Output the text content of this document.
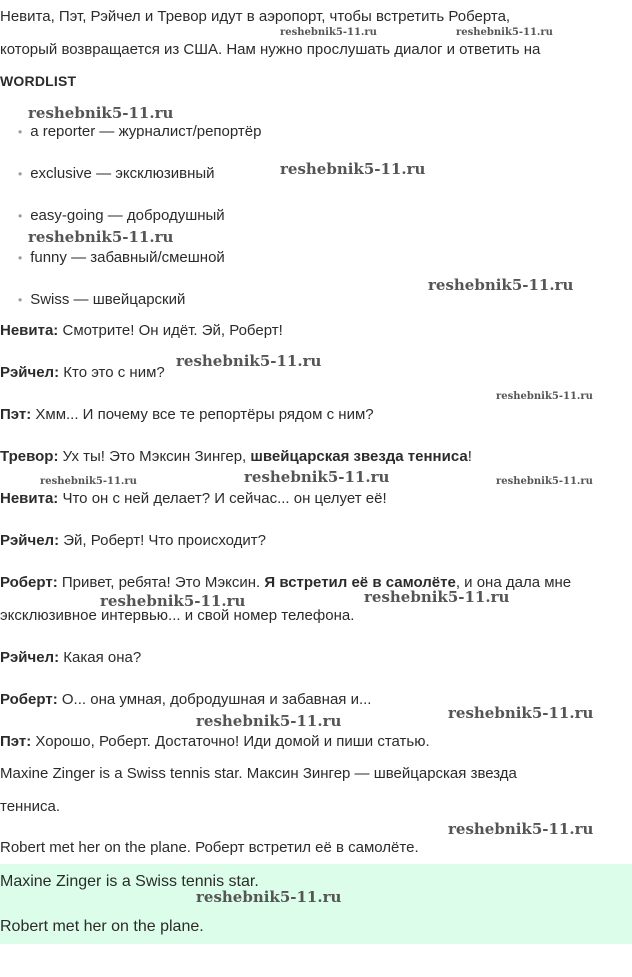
Невита, Пэт, Рэйчел и Тревор идут в аэропорт, чтобы встретить Роберта,
который возвращается из США. Нам нужно прослушать диалог и ответить на
WORDLIST
• a reporter — журналист/репортёр
• exclusive — эксклюзивный
• easy-going — добродушный
• funny — забавный/смешной
• Swiss — швейцарский
Невита: Смотрите! Он идёт. Эй, Роберт!
Рэйчел: Кто это с ним?
Пэт: Хмм... И почему все те репортёры рядом с ним?
Тревор: Ух ты! Это Мэксин Зингер, швейцарская звезда тенниса!
Невита: Что он с ней делает? И сейчас... он целует её!
Рэйчел: Эй, Роберт! Что происходит?
Роберт: Привет, ребята! Это Мэксин. Я встретил её в самолёте, и она дала мне
эксклюзивное интервью... и свой номер телефона.
Рэйчел: Какая она?
Роберт: О... она умная, добродушная и забавная и...
Пэт: Хорошо, Роберт. Достаточно! Иди домой и пиши статью.
Maxine Zinger is a Swiss tennis star. Максин Зингер — швейцарская звезда
тенниса.
Robert met her on the plane. Роберт встретил её в самолёте.
Maxine Zinger is a Swiss tennis star.
Robert met her on the plane.
reshebnik5-11.ru	reshebnik5-11.ru
reshebnik5-11.ru
reshebnik5-11.ru
reshebnik5-11.ru
reshebnik5-11.ru
reshebnik5-11.ru
reshebnik5-11.ru
reshebnik5-11.ru	reshebnik5-11.ru	reshebnik5-11.ru
reshebnik5-11.ru	reshebnik5-11.ru
reshebnik5-11.ru	reshebnik5-11.ru
reshebnik5-11.ru
reshebnik5-11.ru
